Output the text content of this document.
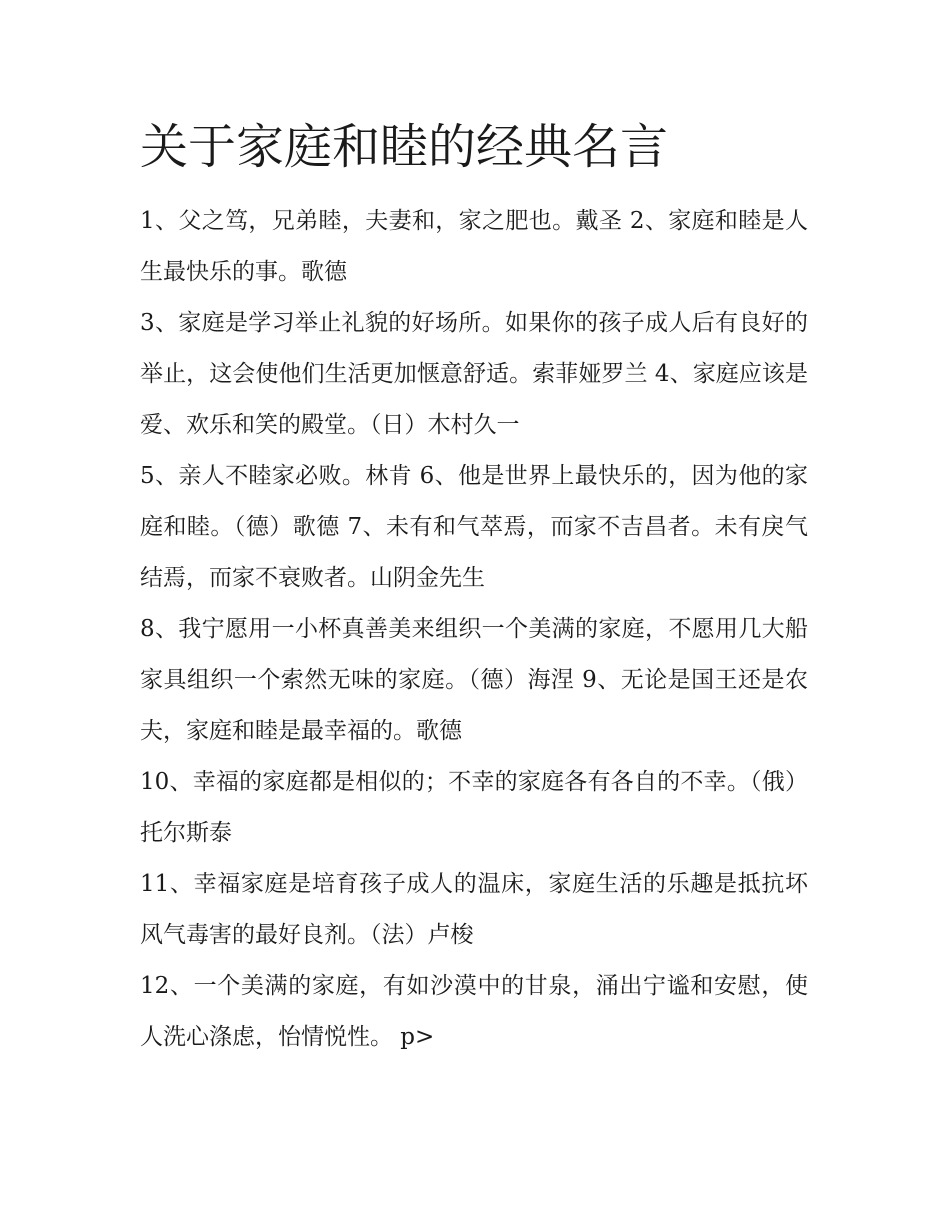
关于家庭和睦的经典名言

1、父之笃，兄弟睦，夫妻和，家之肥也。戴圣 2、家庭和睦是人生最快乐的事。歌德

3、家庭是学习举止礼貌的好场所。如果你的孩子成人后有良好的举止，这会使他们生活更加惬意舒适。索菲娅罗兰 4、家庭应该是爱、欢乐和笑的殿堂。（日）木村久一

5、亲人不睦家必败。林肯 6、他是世界上最快乐的，因为他的家庭和睦。（德）歌德 7、未有和气萃焉，而家不吉昌者。未有戾气结焉，而家不衰败者。山阴金先生

8、我宁愿用一小杯真善美来组织一个美满的家庭，不愿用几大船家具组织一个索然无味的家庭。（德）海涅 9、无论是国王还是农夫，家庭和睦是最幸福的。歌德

10、幸福的家庭都是相似的；不幸的家庭各有各自的不幸。（俄）托尔斯泰

11、幸福家庭是培育孩子成人的温床，家庭生活的乐趣是抵抗坏风气毒害的最好良剂。（法）卢梭

12、一个美满的家庭，有如沙漠中的甘泉，涌出宁谧和安慰，使人洗心涤虑，怡情悦性。 p>
